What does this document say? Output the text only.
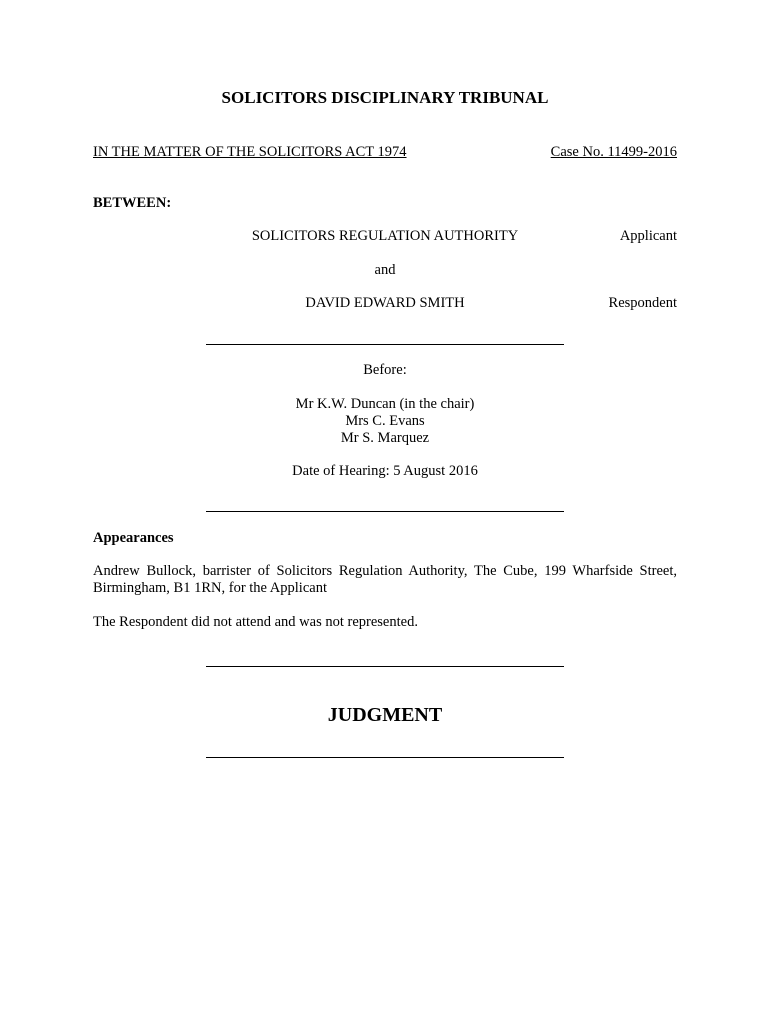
SOLICITORS DISCIPLINARY TRIBUNAL
IN THE MATTER OF THE SOLICITORS ACT 1974	Case No. 11499-2016
BETWEEN:
SOLICITORS REGULATION AUTHORITY	Applicant
and
DAVID EDWARD SMITH	Respondent
Before:
Mr K.W. Duncan (in the chair)
Mrs C. Evans
Mr S. Marquez
Date of Hearing: 5 August 2016
Appearances
Andrew Bullock, barrister of Solicitors Regulation Authority, The Cube, 199 Wharfside Street, Birmingham, B1 1RN, for the Applicant
The Respondent did not attend and was not represented.
JUDGMENT
